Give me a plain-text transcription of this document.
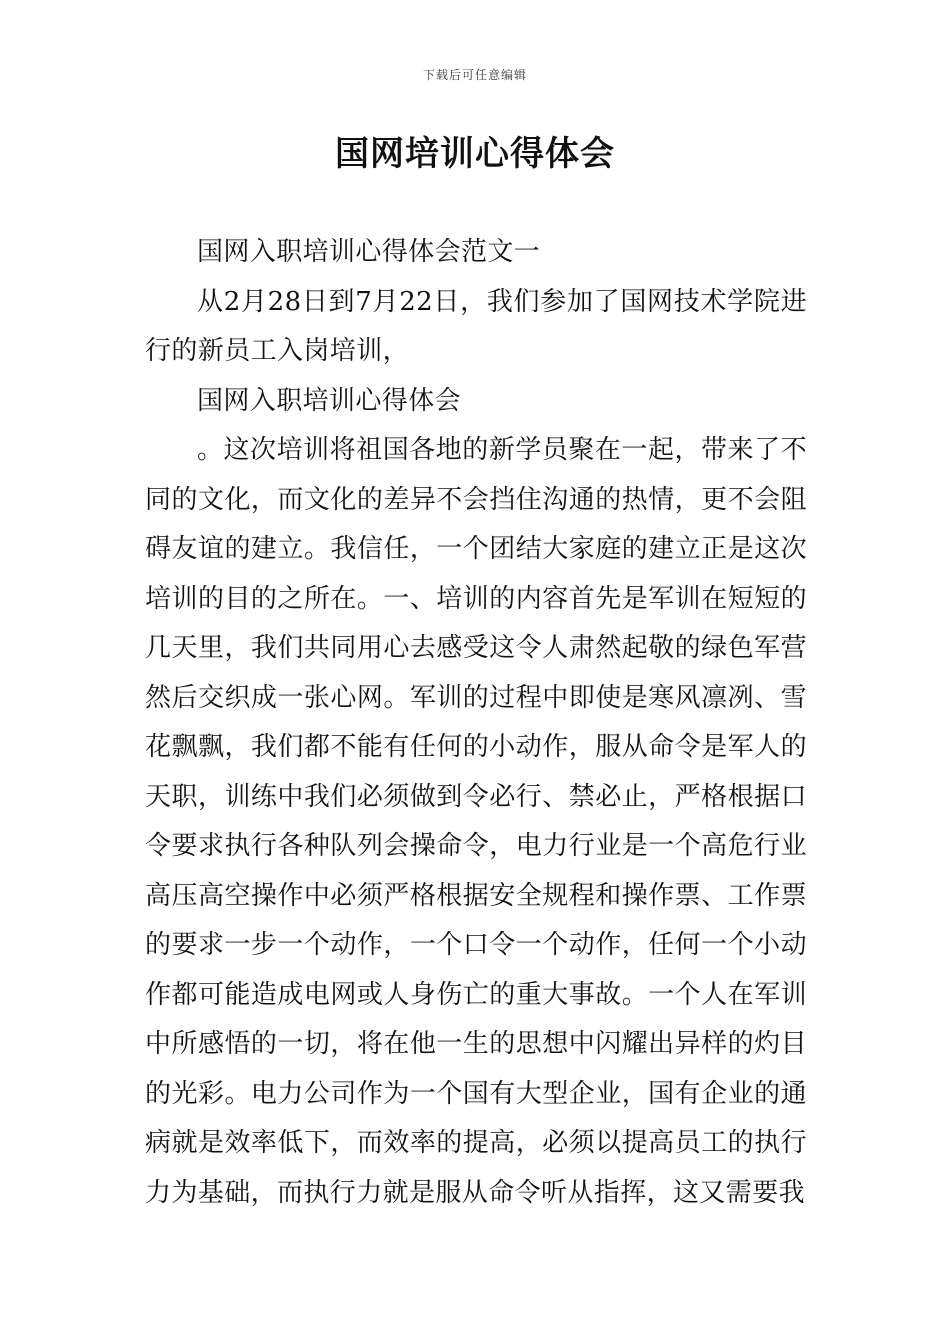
下载后可任意编辑
国网培训心得体会

国网入职培训心得体会范文一

从2月28日到7月22日，我们参加了国网技术学院进行的新员工入岗培训，

国网入职培训心得体会

。这次培训将祖国各地的新学员聚在一起，带来了不同的文化，而文化的差异不会挡住沟通的热情，更不会阻碍友谊的建立。我信任，一个团结大家庭的建立正是这次培训的目的之所在。一、培训的内容首先是军训在短短的几天里，我们共同用心去感受这令人肃然起敬的绿色军营然后交织成一张心网。军训的过程中即使是寒风凛冽、雪花飘飘，我们都不能有任何的小动作，服从命令是军人的天职，训练中我们必须做到令必行、禁必止，严格根据口令要求执行各种队列会操命令，电力行业是一个高危行业高压高空操作中必须严格根据安全规程和操作票、工作票的要求一步一个动作，一个口令一个动作，任何一个小动作都可能造成电网或人身伤亡的重大事故。一个人在军训中所感悟的一切，将在他一生的思想中闪耀出异样的灼目的光彩。电力公司作为一个国有大型企业，国有企业的通病就是效率低下，而效率的提高，必须以提高员工的执行力为基础，而执行力就是服从命令听从指挥，这又需要我
